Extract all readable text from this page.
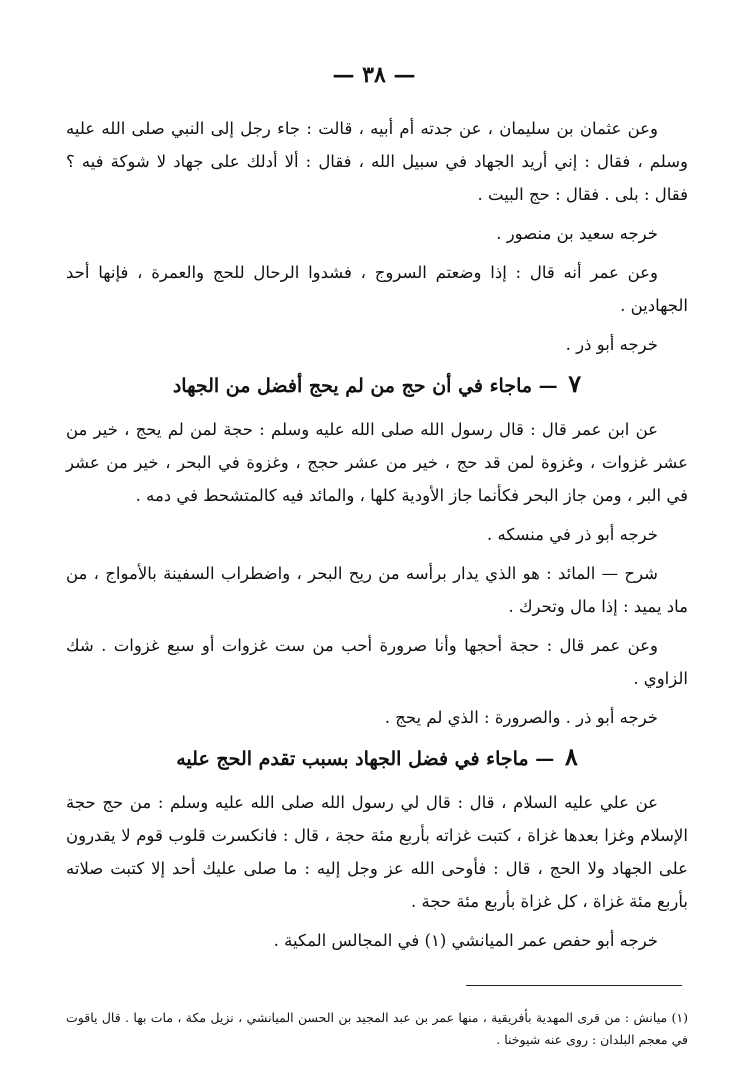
— ٣٨ —

وعن عثمان بن سليمان ، عن جدته أم أبيه ، قالت : جاء رجل إلى النبي صلى الله عليه وسلم ، فقال : إني أريد الجهاد في سبيل الله ، فقال : ألا أدلك على جهاد لا شوكة فيه ؟ فقال : بلى . فقال : حج البيت .

خرجه سعيد بن منصور .

وعن عمر أنه قال : إذا وضعتم السروج ، فشدوا الرحال للحج والعمرة ، فإنها أحد الجهادين .

خرجه أبو ذر .

٧ — ماجاء في أن حج من لم يحج أفضل من الجهاد

عن ابن عمر قال : قال رسول الله صلى الله عليه وسلم : حجة لمن لم يحج ، خير من عشر غزوات ، وغزوة لمن قد حج ، خير من عشر حجج ، وغزوة في البحر ، خير من عشر في البر ، ومن جاز البحر فكأنما جاز الأودية كلها ، والمائد فيه كالمتشحط في دمه .

خرجه أبو ذر في منسكه .

شرح — المائد : هو الذي يدار برأسه من ريح البحر ، واضطراب السفينة بالأمواج ، من ماد يميد : إذا مال وتحرك .

وعن عمر قال : حجة أحجها وأنا صرورة أحب من ست غزوات أو سبع غزوات . شك الزاوي .

خرجه أبو ذر . والصرورة : الذي لم يحج .

٨ — ماجاء في فضل الجهاد بسبب تقدم الحج عليه

عن علي عليه السلام ، قال : قال لي رسول الله صلى الله عليه وسلم : من حج حجة الإسلام وغزا بعدها غزاة ، كتبت غزاته بأربع مئة حجة ، قال : فانكسرت قلوب قوم لا يقدرون على الجهاد ولا الحج ، قال : فأوحى الله عز وجل إليه : ما صلى عليك أحد إلا كتبت صلاته بأربع مئة غزاة ، كل غزاة بأربع مئة حجة .

خرجه أبو حفص عمر الميانشي (١) في المجالس المكية .

(١) ميانش : من قرى المهدية بأفريقية ، منها عمر بن عبد المجيد بن الحسن الميانشي ، نزيل مكة ، مات بها . قال ياقوت في معجم البلدان : روى عنه شيوخنا .
